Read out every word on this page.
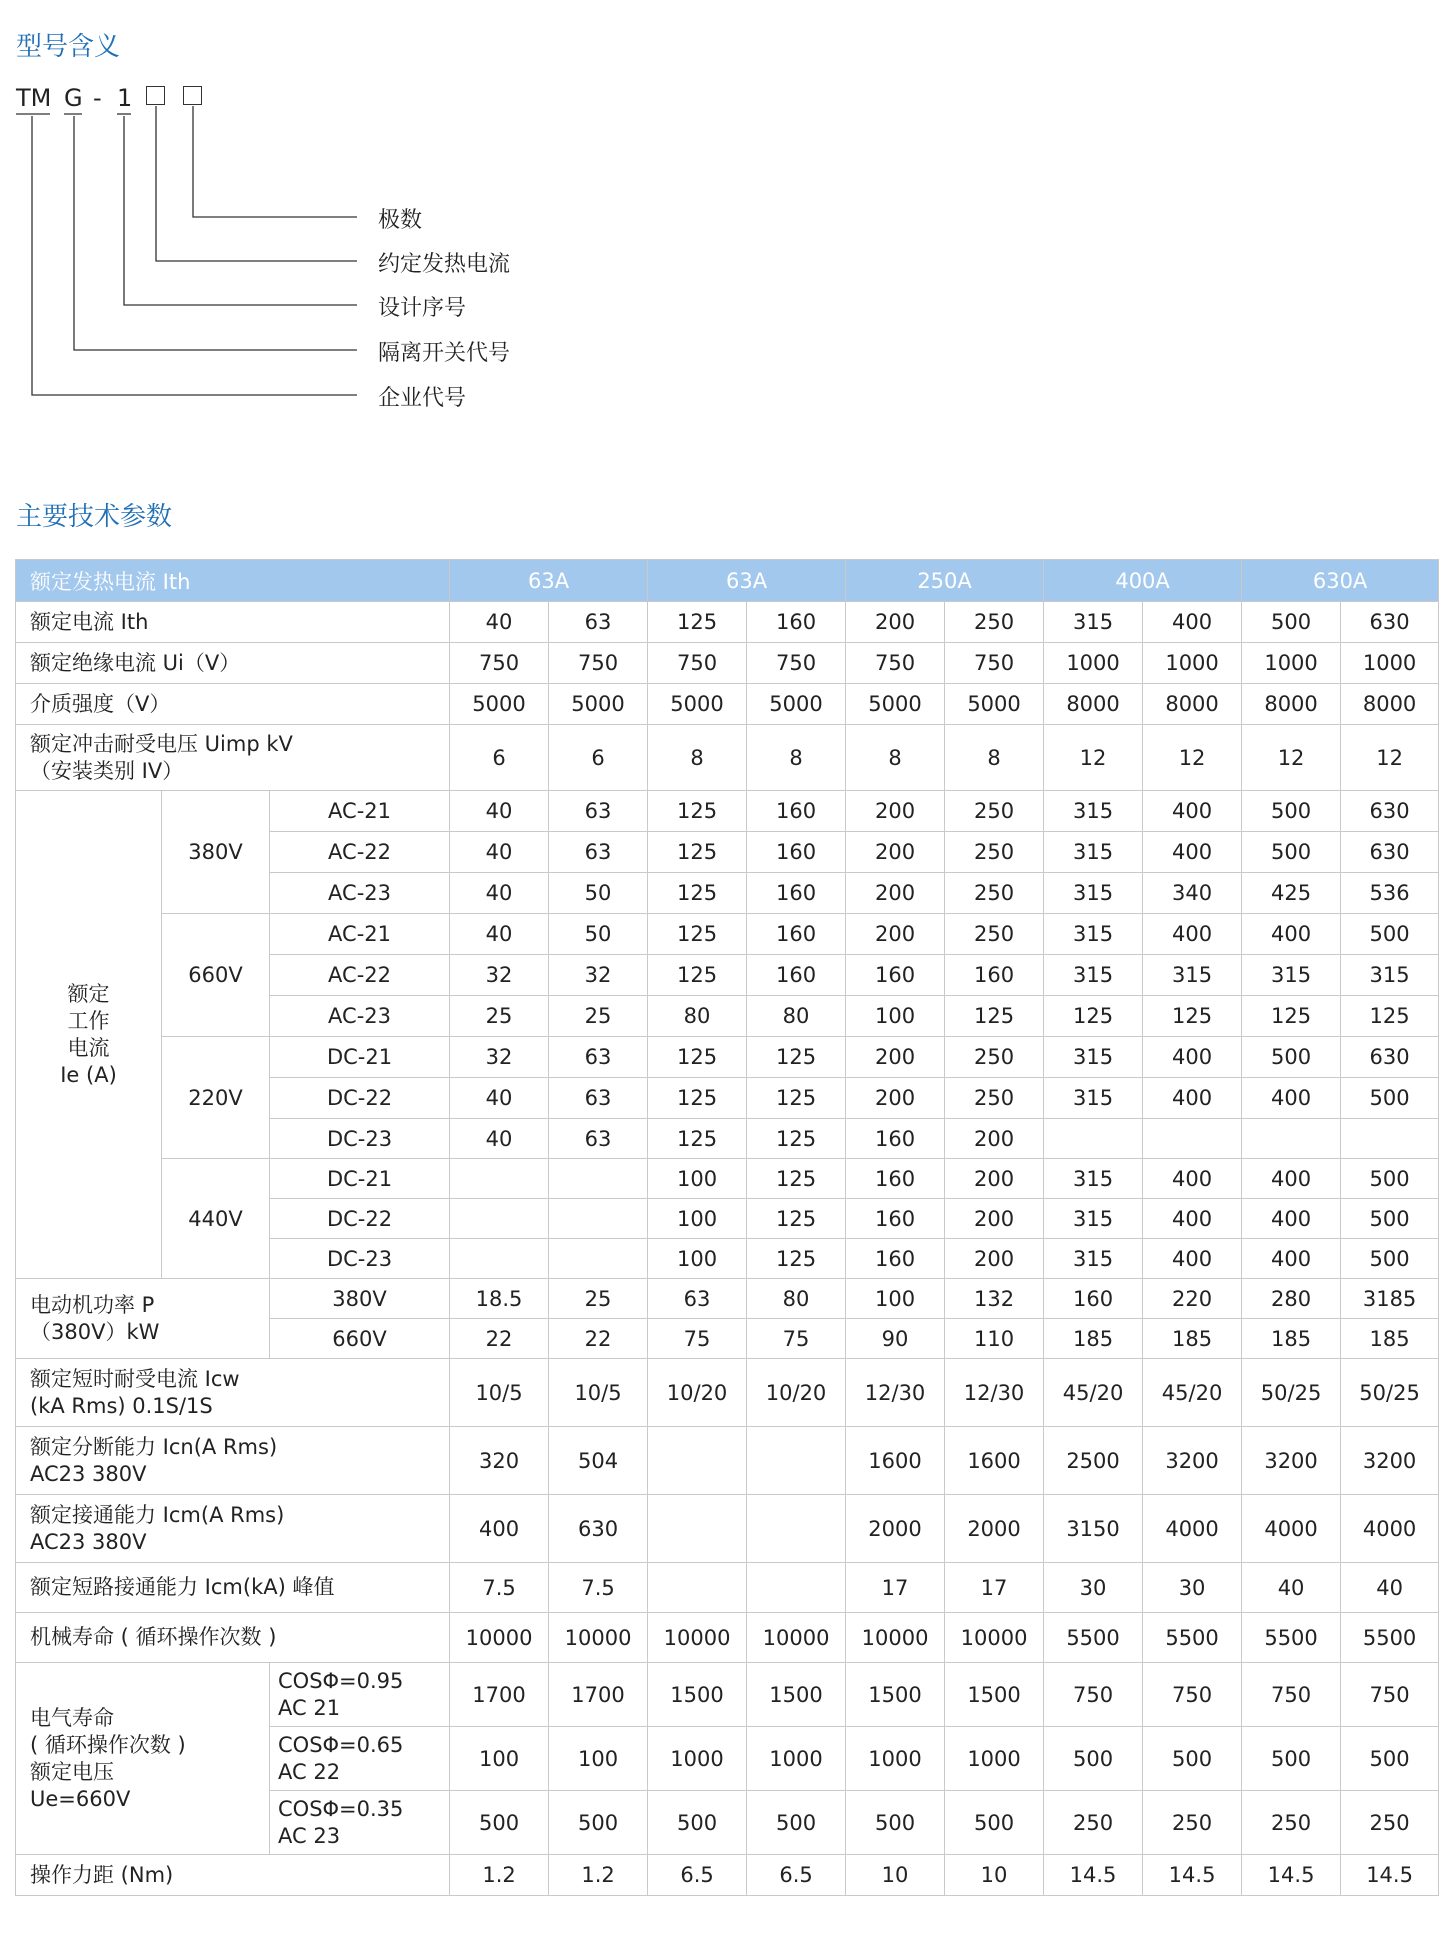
型号含义
TM G - 1
极数
约定发热电流
设计序号
隔离开关代号
企业代号
主要技术参数
额定发热电流 Ith			63A		63A		250A		400A		630A	
额定电流 Ith			40	63	125	160	200	250	315	400	500	630
额定绝缘电流 Ui（V）			750	750	750	750	750	750	1000	1000	1000	1000
介质强度（V）			5000	5000	5000	5000	5000	5000	8000	8000	8000	8000
额定冲击耐受电压 Uimp kV
（安装类别 IV）			6	6	8	8	8	8	12	12	12	12
额定
工作
电流
Ie (A)	380V	AC-21	40	63	125	160	200	250	315	400	500	630
		AC-22	40	63	125	160	200	250	315	400	500	630
		AC-23	40	50	125	160	200	250	315	340	425	536
	660V	AC-21	40	50	125	160	200	250	315	400	400	500
		AC-22	32	32	125	160	160	160	315	315	315	315
		AC-23	25	25	80	80	100	125	125	125	125	125
	220V	DC-21	32	63	125	125	200	250	315	400	500	630
		DC-22	40	63	125	125	200	250	315	400	400	500
		DC-23	40	63	125	125	160	200				
	440V	DC-21			100	125	160	200	315	400	400	500
		DC-22			100	125	160	200	315	400	400	500
		DC-23			100	125	160	200	315	400	400	500
电动机功率 P
（380V）kW		380V	18.5	25	63	80	100	132	160	220	280	3185
		660V	22	22	75	75	90	110	185	185	185	185
额定短时耐受电流 Icw
(kA Rms) 0.1S/1S			10/5	10/5	10/20	10/20	12/30	12/30	45/20	45/20	50/25	50/25
额定分断能力 Icn(A Rms)
AC23 380V			320	504			1600	1600	2500	3200	3200	3200
额定接通能力 Icm(A Rms)
AC23 380V			400	630			2000	2000	3150	4000	4000	4000
额定短路接通能力 Icm(kA) 峰值			7.5	7.5			17	17	30	30	40	40
机械寿命 ( 循环操作次数 )			10000	10000	10000	10000	10000	10000	5500	5500	5500	5500
电气寿命
( 循环操作次数 )
额定电压
Ue=660V		COSΦ=0.95
AC 21	1700	1700	1500	1500	1500	1500	750	750	750	750
		COSΦ=0.65
AC 22	100	100	1000	1000	1000	1000	500	500	500	500
		COSΦ=0.35
AC 23	500	500	500	500	500	500	250	250	250	250
操作力距 (Nm)			1.2	1.2	6.5	6.5	10	10	14.5	14.5	14.5	14.5
